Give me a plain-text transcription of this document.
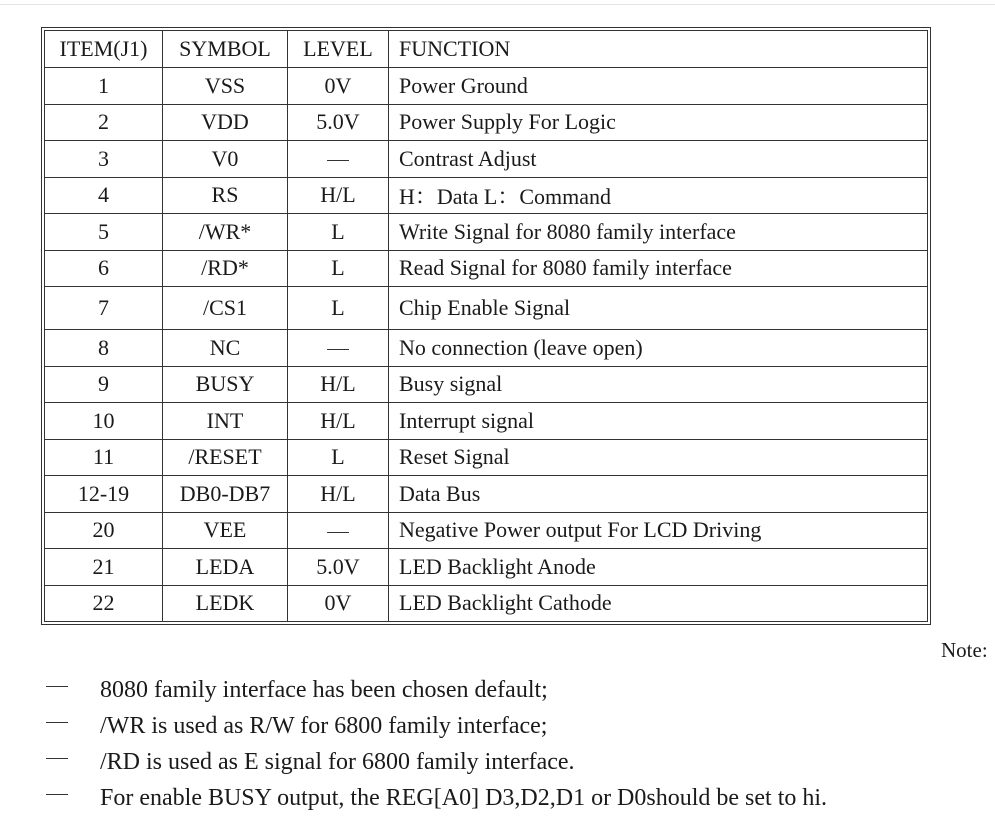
ITEM(J1)	SYMBOL	LEVEL	FUNCTION
1	VSS	0V	Power Ground
2	VDD	5.0V	Power Supply For Logic
3	V0		Contrast Adjust
4	RS	H/L	H：Data L：Command
5	/WR*	L	Write Signal for 8080 family interface
6	/RD*	L	Read Signal for 8080 family interface
7	/CS1	L	Chip Enable Signal
8	NC		No connection (leave open)
9	BUSY	H/L	Busy signal
10	INT	H/L	Interrupt signal
11	/RESET	L	Reset Signal
12-19	DB0-DB7	H/L	Data Bus
20	VEE		Negative Power output For LCD Driving
21	LEDA	5.0V	LED Backlight Anode
22	LEDK	0V	LED Backlight Cathode
Note:
8080 family interface has been chosen default;
/WR is used as R/W for 6800 family interface;
/RD is used as E signal for 6800 family interface.
For enable BUSY output, the REG[A0] D3,D2,D1 or D0should be set to hi.
